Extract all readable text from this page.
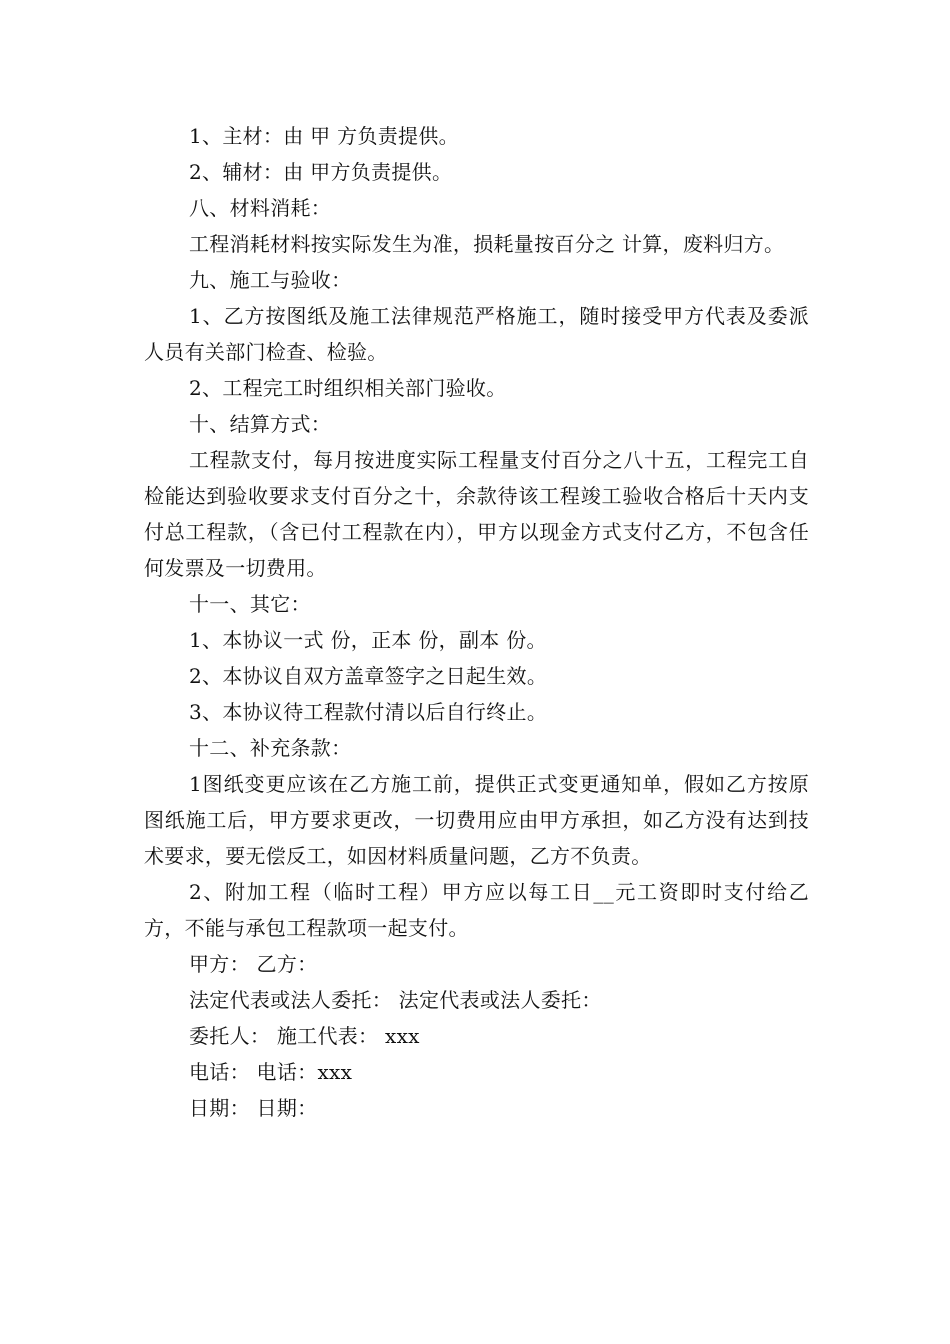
1、主材：由 甲 方负责提供。

2、辅材：由 甲方负责提供。

八、材料消耗：

工程消耗材料按实际发生为准，损耗量按百分之 计算，废料归方。

九、施工与验收：

1、乙方按图纸及施工法律规范严格施工，随时接受甲方代表及委派人员有关部门检查、检验。

2、工程完工时组织相关部门验收。

十、结算方式：

工程款支付，每月按进度实际工程量支付百分之八十五，工程完工自检能达到验收要求支付百分之十，余款待该工程竣工验收合格后十天内支付总工程款，（含已付工程款在内），甲方以现金方式支付乙方，不包含任何发票及一切费用。

十一、其它：

1、本协议一式 份，正本 份，副本 份。

2、本协议自双方盖章签字之日起生效。

3、本协议待工程款付清以后自行终止。

十二、补充条款：

1图纸变更应该在乙方施工前，提供正式变更通知单，假如乙方按原图纸施工后，甲方要求更改，一切费用应由甲方承担，如乙方没有达到技术要求，要无偿反工，如因材料质量问题，乙方不负责。

2、附加工程（临时工程）甲方应以每工日__元工资即时支付给乙方，不能与承包工程款项一起支付。

甲方： 乙方：

法定代表或法人委托： 法定代表或法人委托：

委托人： 施工代表： xxx

电话： 电话：xxx

日期： 日期：
